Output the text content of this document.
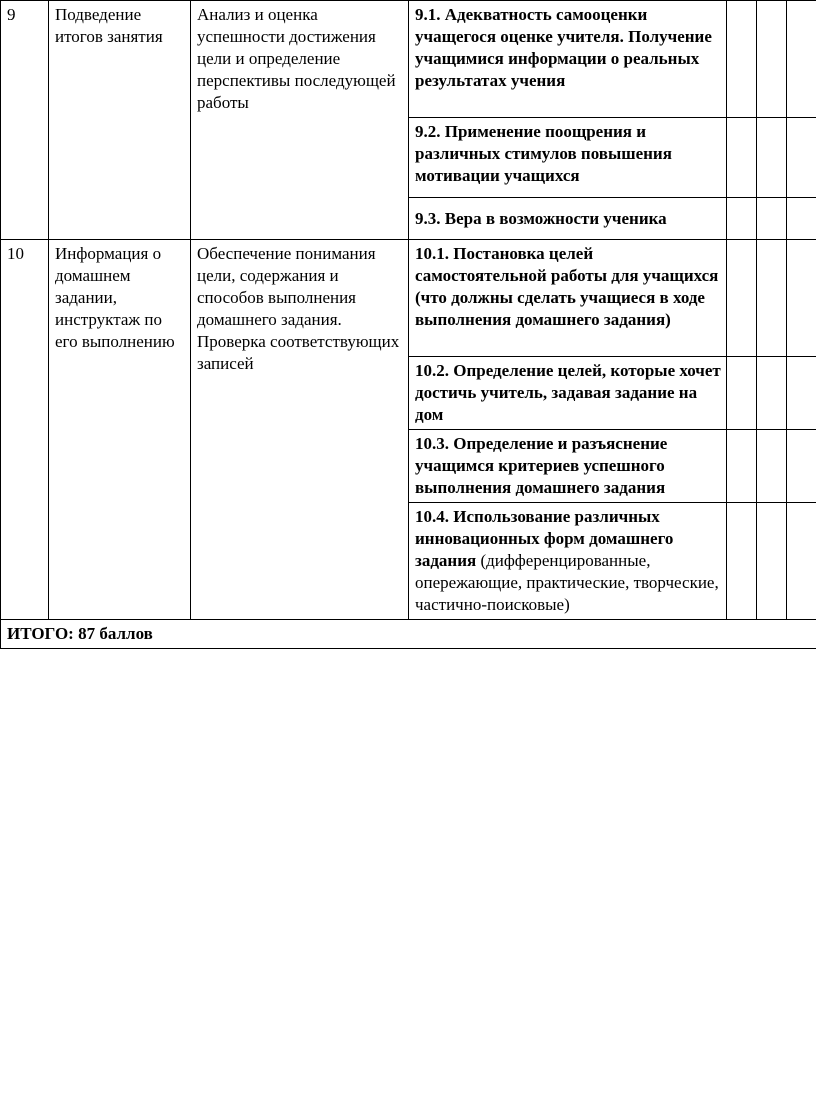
9	Подведение итогов занятия	Анализ и оценка успешности достижения цели и определение перспективы последующей работы	9.1. Адекватность самооценки учащегося оценке учителя. Получение учащимися информации о реальных результатах учения			
			9.2. Применение поощрения и различных стимулов повышения мотивации учащихся			
			9.3. Вера в возможности ученика			
10	Информация о домашнем задании, инструктаж по его выполнению	Обеспечение понимания цели, содержания и способов выполнения домашнего задания. Проверка соответствующих записей	10.1. Постановка целей самостоятельной работы для учащихся (что должны сделать учащиеся в ходе выполнения домашнего задания)			
			10.2. Определение целей, которые хочет достичь учитель, задавая задание на дом			
			10.3. Определение и разъяснение учащимся критериев успешного выполнения домашнего задания			
			10.4. Использование различных инновационных форм домашнего задания (дифференцированные, опережающие, практические, творческие, частично-поисковые)			
ИТОГО: 87 баллов						
